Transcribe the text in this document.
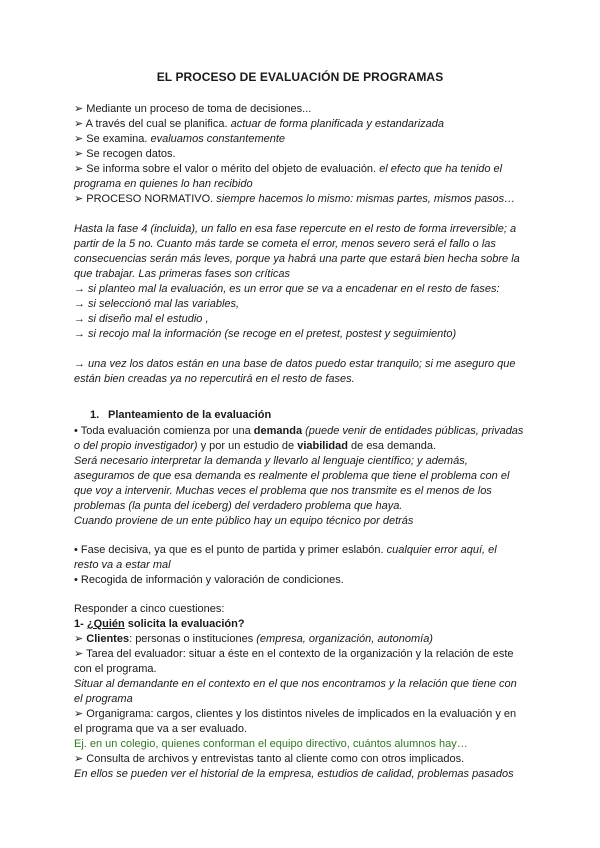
EL PROCESO DE EVALUACIÓN DE PROGRAMAS
➢ Mediante un proceso de toma de decisiones...
➢ A través del cual se planifica. actuar de forma planificada y estandarizada
➢ Se examina. evaluamos constantemente
➢ Se recogen datos.
➢ Se informa sobre el valor o mérito del objeto de evaluación. el efecto que ha tenido el
programa en quienes lo han recibido
➢ PROCESO NORMATIVO. siempre hacemos lo mismo: mismas partes, mismos pasos…
Hasta la fase 4 (incluida), un fallo en esa fase repercute en el resto de forma irreversible; a
partir de la 5 no. Cuanto más tarde se cometa el error, menos severo será el fallo o las
consecuencias serán más leves, porque ya habrá una parte que estará bien hecha sobre la
que trabajar. Las primeras fases son críticas
→ si planteo mal la evaluación, es un error que se va a encadenar en el resto de fases:
→ si seleccionó mal las variables,
→ si diseño mal el estudio ,
→ si recojo mal la información (se recoge en el pretest, postest y seguimiento)
→ una vez los datos están en una base de datos puedo estar tranquilo; si me aseguro que
están bien creadas ya no repercutirá en el resto de fases.
1. Planteamiento de la evaluación
• Toda evaluación comienza por una demanda (puede venir de entidades públicas, privadas
o del propio investigador) y por un estudio de viabilidad de esa demanda.
Será necesario interpretar la demanda y llevarlo al lenguaje científico; y además,
aseguramos de que esa demanda es realmente el problema que tiene el problema con el
que voy a intervenir. Muchas veces el problema que nos transmite es el menos de los
problemas (la punta del iceberg) del verdadero problema que haya.
Cuando proviene de un ente público hay un equipo técnico por detrás
• Fase decisiva, ya que es el punto de partida y primer eslabón. cualquier error aquí, el
resto va a estar mal
• Recogida de información y valoración de condiciones.
Responder a cinco cuestiones:
1- ¿Quién solicita la evaluación?
➢ Clientes: personas o instituciones (empresa, organización, autonomía)
➢ Tarea del evaluador: situar a éste en el contexto de la organización y la relación de este
con el programa.
Situar al demandante en el contexto en el que nos encontramos y la relación que tiene con
el programa
➢ Organigrama: cargos, clientes y los distintos niveles de implicados en la evaluación y en
el programa que va a ser evaluado.
Ej. en un colegio, quienes conforman el equipo directivo, cuántos alumnos hay…
➢ Consulta de archivos y entrevistas tanto al cliente como con otros implicados.
En ellos se pueden ver el historial de la empresa, estudios de calidad, problemas pasados
